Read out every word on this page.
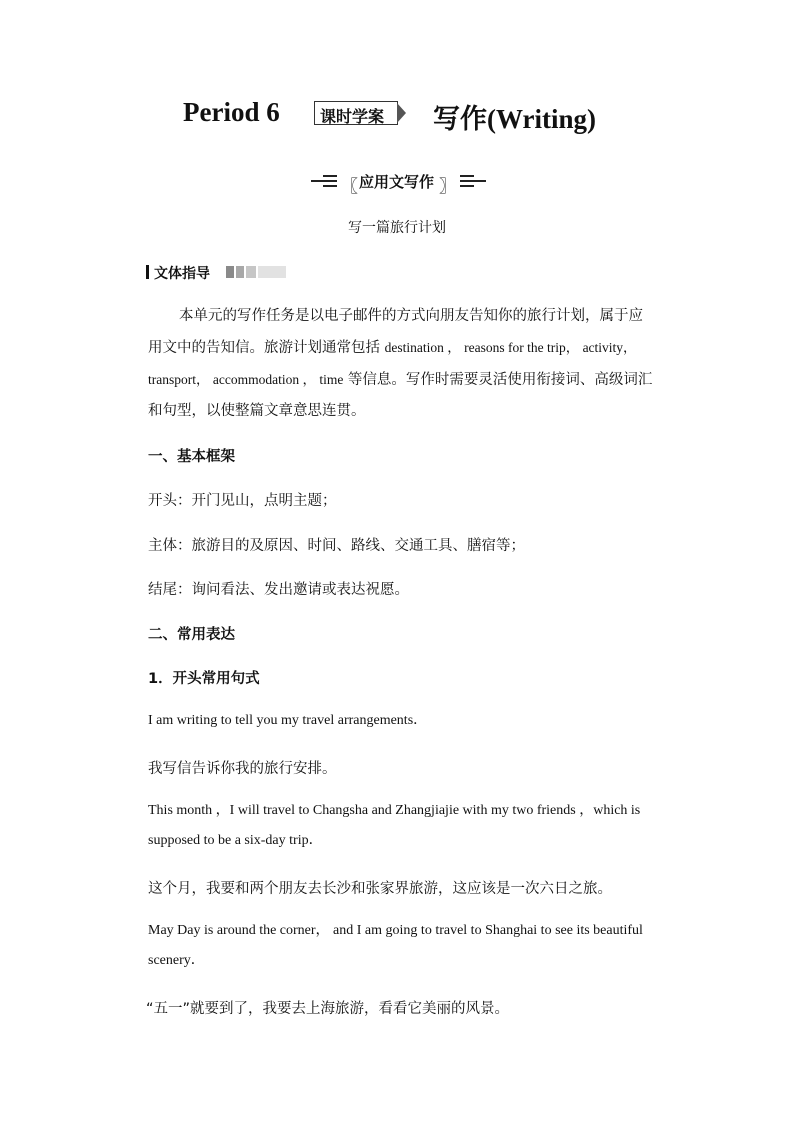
Period 6	课时学案 写作(Writing)
〖 应用文写作 〗
写一篇旅行计划
文体指导
本单元的写作任务是以电子邮件的方式向朋友告知你的旅行计划，属于应用文中的告知信。旅游计划通常包括 destination ， reasons for the trip， activity， transport， accommodation ， time 等信息。写作时需要灵活使用衔接词、高级词汇和句型，以使整篇文章意思连贯。
一、基本框架
开头：开门见山，点明主题；
主体：旅游目的及原因、时间、路线、交通工具、膳宿等；
结尾：询问看法、发出邀请或表达祝愿。
二、常用表达
1．开头常用句式
I am writing to tell you my travel arrangements．
我写信告诉你我的旅行安排。
This month ，I will travel to Changsha and Zhangjiajie with my two friends ，which is supposed to be a six-day trip．
这个月，我要和两个朋友去长沙和张家界旅游，这应该是一次六日之旅。
May Day is around the corner， and I am going to travel to Shanghai to see its beautiful scenery．
“五一”就要到了，我要去上海旅游，看看它美丽的风景。
